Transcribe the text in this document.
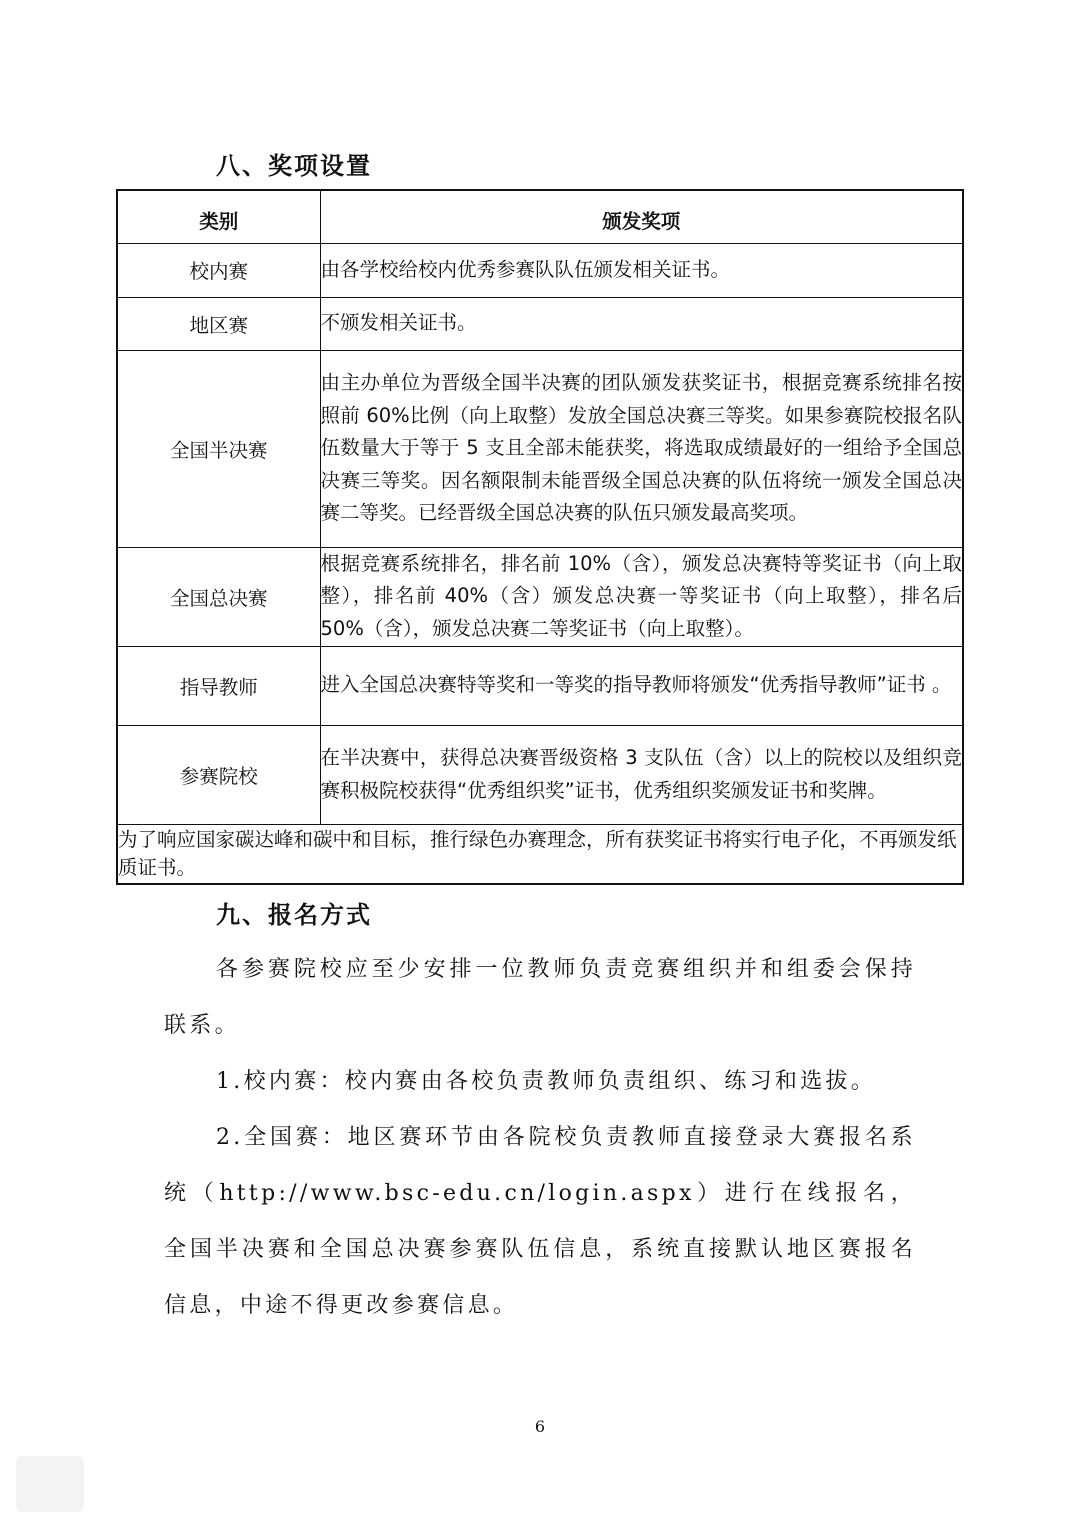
八、奖项设置
类别	颁发奖项
校内赛	由各学校给校内优秀参赛队队伍颁发相关证书。
地区赛	不颁发相关证书。
全国半决赛	由主办单位为晋级全国半决赛的团队颁发获奖证书，根据竞赛系统排名按照前 60%比例（向上取整）发放全国总决赛三等奖。如果参赛院校报名队伍数量大于等于 5 支且全部未能获奖，将选取成绩最好的一组给予全国总决赛三等奖。因名额限制未能晋级全国总决赛的队伍将统一颁发全国总决赛二等奖。已经晋级全国总决赛的队伍只颁发最高奖项。
全国总决赛	根据竞赛系统排名，排名前 10%（含），颁发总决赛特等奖证书（向上取整），排名前 40%（含）颁发总决赛一等奖证书（向上取整），排名后 50%（含），颁发总决赛二等奖证书（向上取整）。
指导教师	进入全国总决赛特等奖和一等奖的指导教师将颁发“优秀指导教师”证书 。
参赛院校	在半决赛中，获得总决赛晋级资格 3 支队伍（含）以上的院校以及组织竞赛积极院校获得“优秀组织奖”证书，优秀组织奖颁发证书和奖牌。
为了响应国家碳达峰和碳中和目标，推行绿色办赛理念，所有获奖证书将实行电子化，不再颁发纸质证书。	
九、报名方式

各参赛院校应至少安排一位教师负责竞赛组织并和组委会保持联系。

1.校内赛：校内赛由各校负责教师负责组织、练习和选拔。

2.全国赛：地区赛环节由各院校负责教师直接登录大赛报名系统（http://www.bsc-edu.cn/login.aspx）进行在线报名，全国半决赛和全国总决赛参赛队伍信息，系统直接默认地区赛报名信息，中途不得更改参赛信息。

6
